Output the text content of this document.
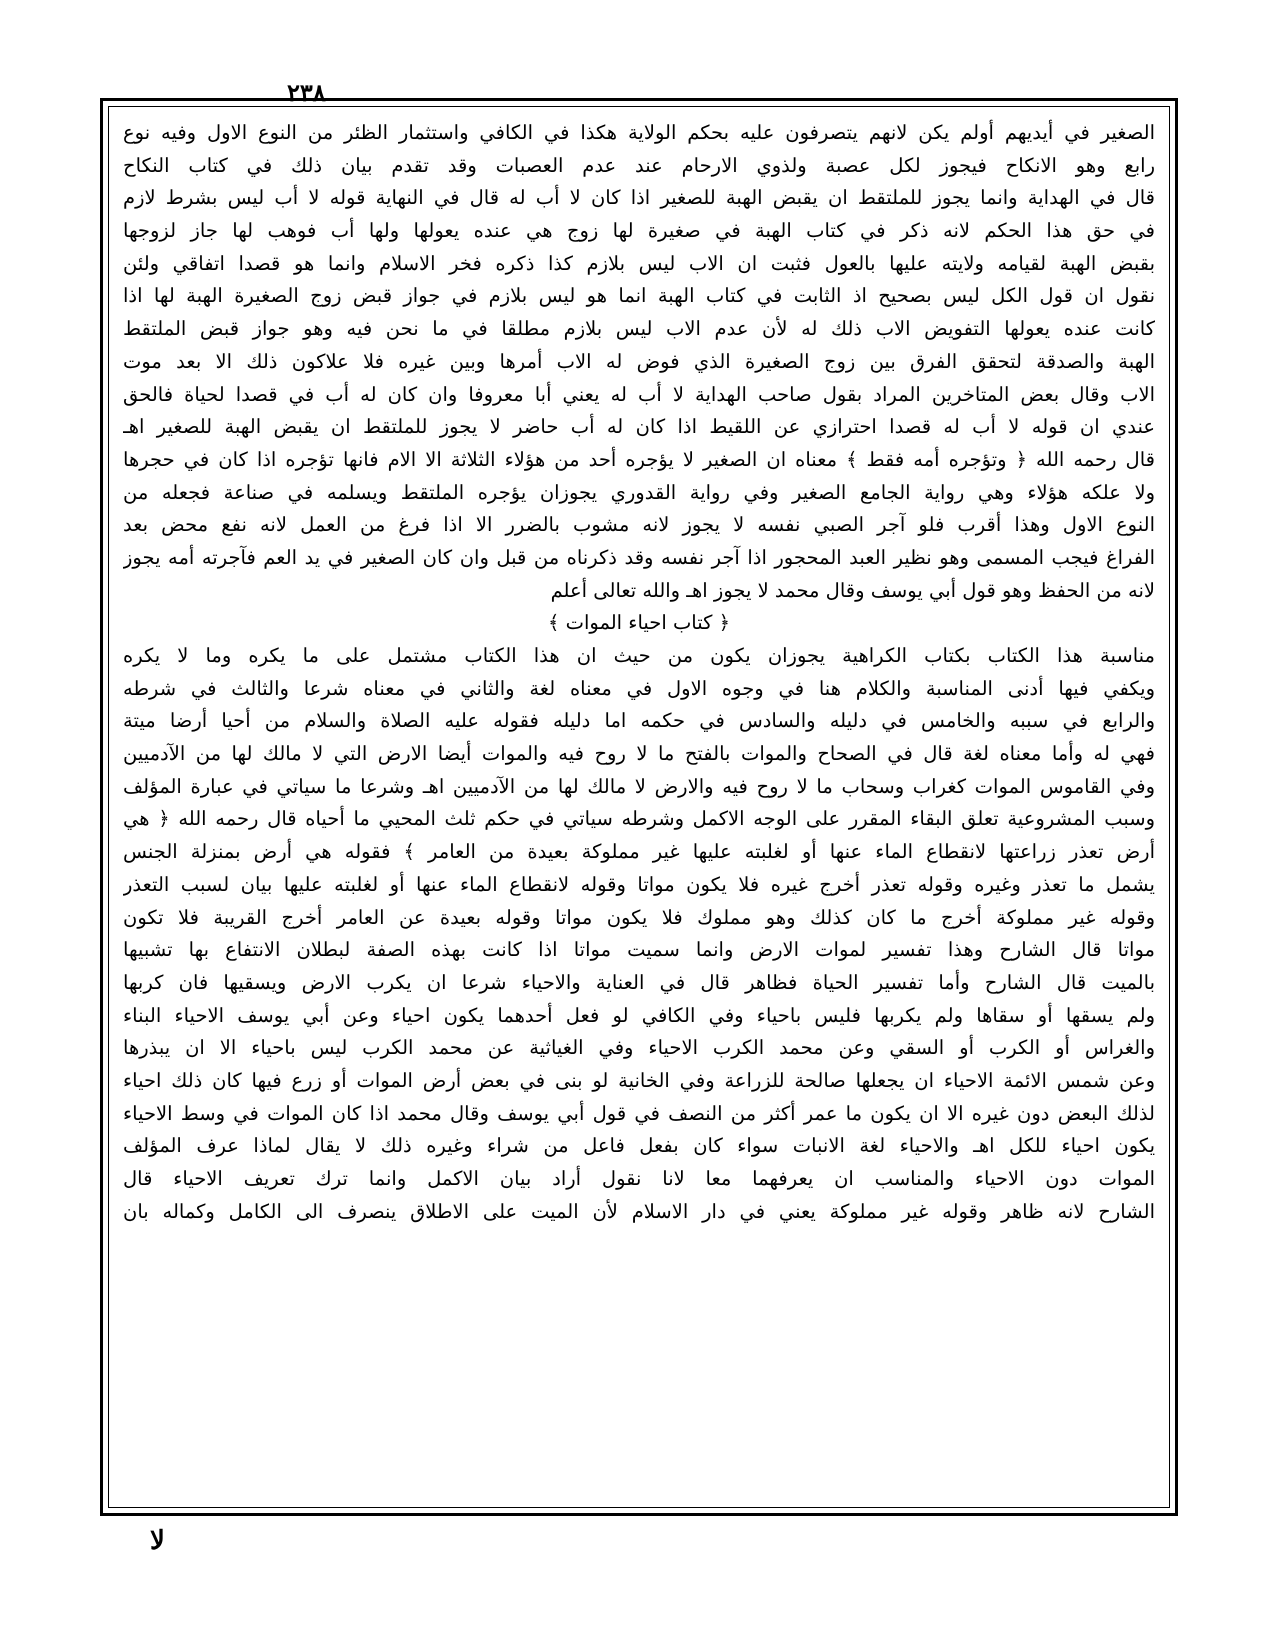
٢٣٨
الصغير في أيديهم أولم يكن لانهم يتصرفون عليه بحكم الولاية هكذا في الكافي واستثمار الظئر من النوع الاول وفيه نوع
رابع وهو الانكاح فيجوز لكل عصبة ولذوي الارحام عند عدم العصبات وقد تقدم بيان ذلك في كتاب النكاح
قال في الهداية وانما يجوز للملتقط ان يقبض الهبة للصغير اذا كان لا أب له قال في النهاية قوله لا أب ليس بشرط لازم
في حق هذا الحكم لانه ذكر في كتاب الهبة في صغيرة لها زوج هي عنده يعولها ولها أب فوهب لها جاز لزوجها
بقبض الهبة لقيامه ولايته عليها بالعول فثبت ان الاب ليس بلازم كذا ذكره فخر الاسلام وانما هو قصدا اتفاقي ولئن
نقول ان قول الكل ليس بصحيح اذ الثابت في كتاب الهبة انما هو ليس بلازم في جواز قبض زوج الصغيرة الهبة لها اذا
كانت عنده يعولها التفويض الاب ذلك له لأن عدم الاب ليس بلازم مطلقا في ما نحن فيه وهو جواز قبض الملتقط
الهبة والصدقة لتحقق الفرق بين زوج الصغيرة الذي فوض له الاب أمرها وبين غيره فلا علاكون ذلك الا بعد موت
الاب وقال بعض المتاخرين المراد بقول صاحب الهداية لا أب له يعني أبا معروفا وان كان له أب في قصدا لحياة فالحق
عندي ان قوله لا أب له قصدا احترازي عن اللقيط اذا كان له أب حاضر لا يجوز للملتقط ان يقبض الهبة للصغير اهـ
قال رحمه الله ﴿ وتؤجره أمه فقط ﴾ معناه ان الصغير لا يؤجره أحد من هؤلاء الثلاثة الا الام فانها تؤجره اذا كان في حجرها
ولا علكه هؤلاء وهي رواية الجامع الصغير وفي رواية القدوري يجوزان يؤجره الملتقط ويسلمه في صناعة فجعله من
النوع الاول وهذا أقرب فلو آجر الصبي نفسه لا يجوز لانه مشوب بالضرر الا اذا فرغ من العمل لانه نفع محض بعد
الفراغ فيجب المسمى وهو نظير العبد المحجور اذا آجر نفسه وقد ذكرناه من قبل وان كان الصغير في يد العم فآجرته أمه يجوز
لانه من الحفظ وهو قول أبي يوسف وقال محمد لا يجوز اهـ والله تعالى أعلم
﴿ كتاب احياء الموات ﴾
مناسبة هذا الكتاب بكتاب الكراهية يجوزان يكون من حيث ان هذا الكتاب مشتمل على ما يكره وما لا يكره
ويكفي فيها أدنى المناسبة والكلام هنا في وجوه الاول في معناه لغة والثاني في معناه شرعا والثالث في شرطه
والرابع في سببه والخامس في دليله والسادس في حكمه اما دليله فقوله عليه الصلاة والسلام من أحيا أرضا ميتة
فهي له وأما معناه لغة قال في الصحاح والموات بالفتح ما لا روح فيه والموات أيضا الارض التي لا مالك لها من الآدميين
وفي القاموس الموات كغراب وسحاب ما لا روح فيه والارض لا مالك لها من الآدميين اهـ وشرعا ما سياتي في عبارة المؤلف
وسبب المشروعية تعلق البقاء المقرر على الوجه الاكمل وشرطه سياتي في حكم ثلث المحيي ما أحياه قال رحمه الله ﴿ هي
أرض تعذر زراعتها لانقطاع الماء عنها أو لغلبته عليها غير مملوكة بعيدة من العامر ﴾ فقوله هي أرض بمنزلة الجنس
يشمل ما تعذر وغيره وقوله تعذر أخرج غيره فلا يكون مواتا وقوله لانقطاع الماء عنها أو لغلبته عليها بيان لسبب التعذر
وقوله غير مملوكة أخرج ما كان كذلك وهو مملوك فلا يكون مواتا وقوله بعيدة عن العامر أخرج القريبة فلا تكون
مواتا قال الشارح وهذا تفسير لموات الارض وانما سميت مواتا اذا كانت بهذه الصفة لبطلان الانتفاع بها تشبيها
بالميت قال الشارح وأما تفسير الحياة فظاهر قال في العناية والاحياء شرعا ان يكرب الارض ويسقيها فان كربها
ولم يسقها أو سقاها ولم يكربها فليس باحياء وفي الكافي لو فعل أحدهما يكون احياء وعن أبي يوسف الاحياء البناء
والغراس أو الكرب أو السقي وعن محمد الكرب الاحياء وفي الغياثية عن محمد الكرب ليس باحياء الا ان يبذرها
وعن شمس الائمة الاحياء ان يجعلها صالحة للزراعة وفي الخانية لو بنى في بعض أرض الموات أو زرع فيها كان ذلك احياء
لذلك البعض دون غيره الا ان يكون ما عمر أكثر من النصف في قول أبي يوسف وقال محمد اذا كان الموات في وسط الاحياء
يكون احياء للكل اهـ والاحياء لغة الانبات سواء كان بفعل فاعل من شراء وغيره ذلك لا يقال لماذا عرف المؤلف
الموات دون الاحياء والمناسب ان يعرفهما معا لانا نقول أراد بيان الاكمل وانما ترك تعريف الاحياء قال
الشارح لانه ظاهر وقوله غير مملوكة يعني في دار الاسلام لأن الميت على الاطلاق ينصرف الى الكامل وكماله بان
لا
